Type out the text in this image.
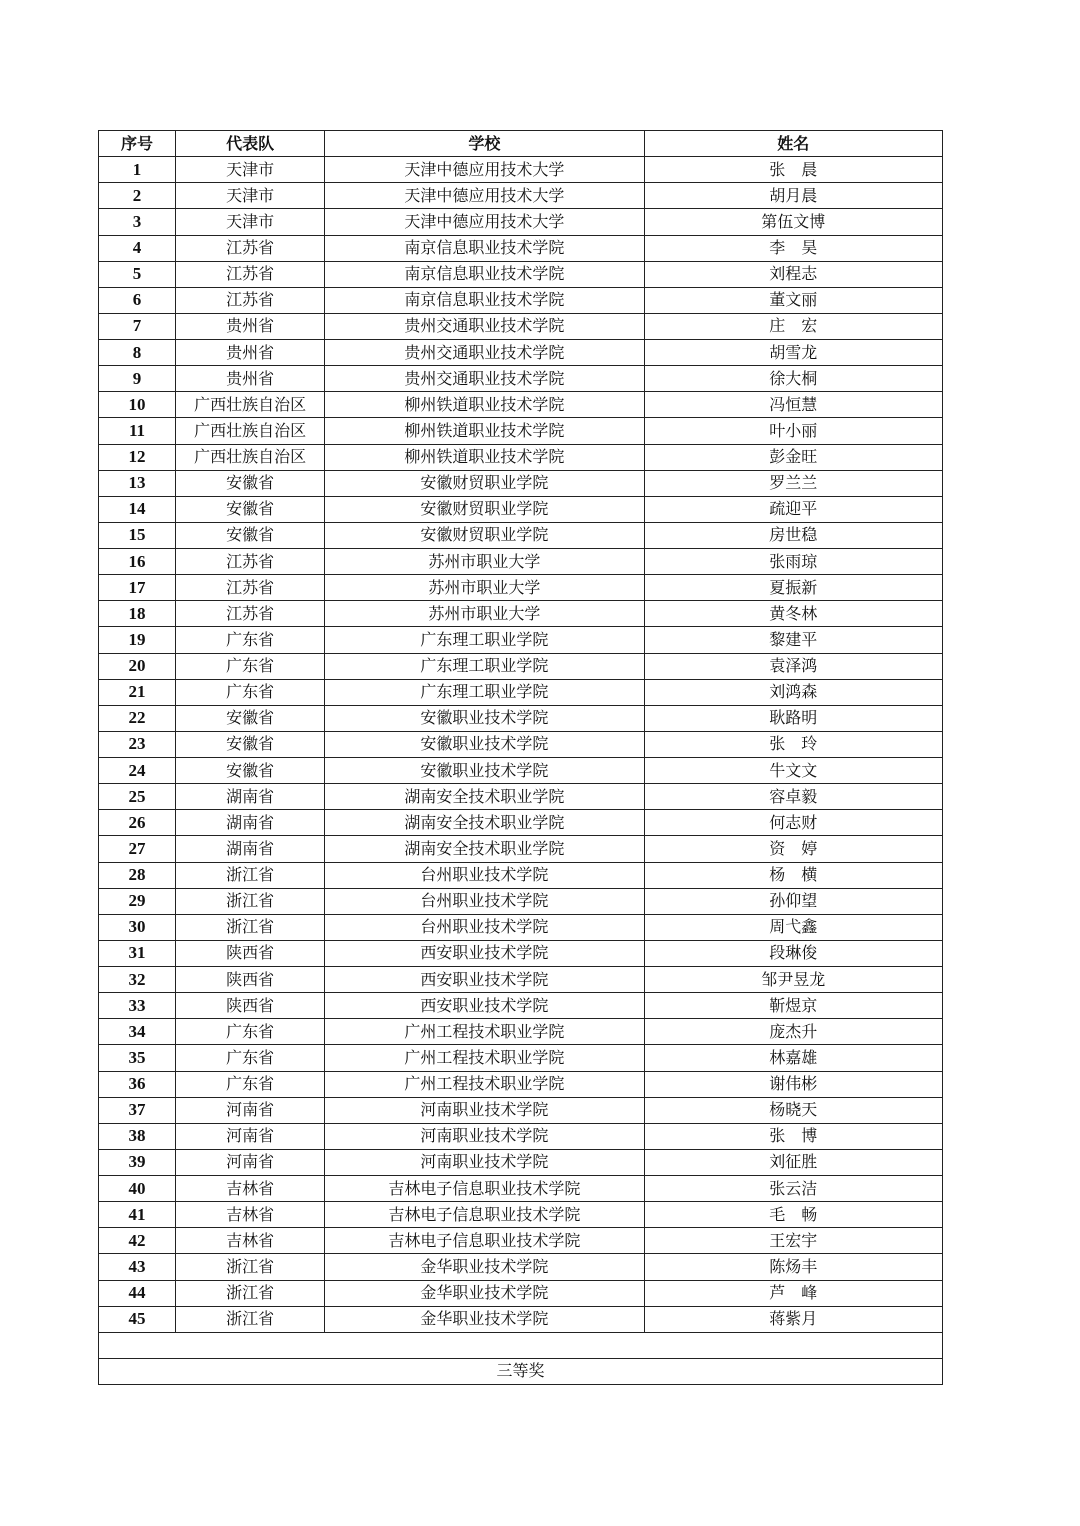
序号	代表队	学校	姓名
1	天津市	天津中德应用技术大学	张　晨
2	天津市	天津中德应用技术大学	胡月晨
3	天津市	天津中德应用技术大学	第伍文博
4	江苏省	南京信息职业技术学院	李　昊
5	江苏省	南京信息职业技术学院	刘程志
6	江苏省	南京信息职业技术学院	董文丽
7	贵州省	贵州交通职业技术学院	庄　宏
8	贵州省	贵州交通职业技术学院	胡雪龙
9	贵州省	贵州交通职业技术学院	徐大桐
10	广西壮族自治区	柳州铁道职业技术学院	冯恒慧
11	广西壮族自治区	柳州铁道职业技术学院	叶小丽
12	广西壮族自治区	柳州铁道职业技术学院	彭金旺
13	安徽省	安徽财贸职业学院	罗兰兰
14	安徽省	安徽财贸职业学院	疏迎平
15	安徽省	安徽财贸职业学院	房世稳
16	江苏省	苏州市职业大学	张雨琼
17	江苏省	苏州市职业大学	夏振新
18	江苏省	苏州市职业大学	黄冬林
19	广东省	广东理工职业学院	黎建平
20	广东省	广东理工职业学院	袁泽鸿
21	广东省	广东理工职业学院	刘鸿森
22	安徽省	安徽职业技术学院	耿路明
23	安徽省	安徽职业技术学院	张　玲
24	安徽省	安徽职业技术学院	牛文文
25	湖南省	湖南安全技术职业学院	容卓毅
26	湖南省	湖南安全技术职业学院	何志财
27	湖南省	湖南安全技术职业学院	资　婷
28	浙江省	台州职业技术学院	杨　横
29	浙江省	台州职业技术学院	孙仰望
30	浙江省	台州职业技术学院	周弋鑫
31	陕西省	西安职业技术学院	段琳俊
32	陕西省	西安职业技术学院	邹尹昱龙
33	陕西省	西安职业技术学院	靳煜京
34	广东省	广州工程技术职业学院	庞杰升
35	广东省	广州工程技术职业学院	林嘉雄
36	广东省	广州工程技术职业学院	谢伟彬
37	河南省	河南职业技术学院	杨晓天
38	河南省	河南职业技术学院	张　博
39	河南省	河南职业技术学院	刘征胜
40	吉林省	吉林电子信息职业技术学院	张云洁
41	吉林省	吉林电子信息职业技术学院	毛　畅
42	吉林省	吉林电子信息职业技术学院	王宏宇
43	浙江省	金华职业技术学院	陈炀丰
44	浙江省	金华职业技术学院	芦　峰
45	浙江省	金华职业技术学院	蒋紫月

三等奖			
